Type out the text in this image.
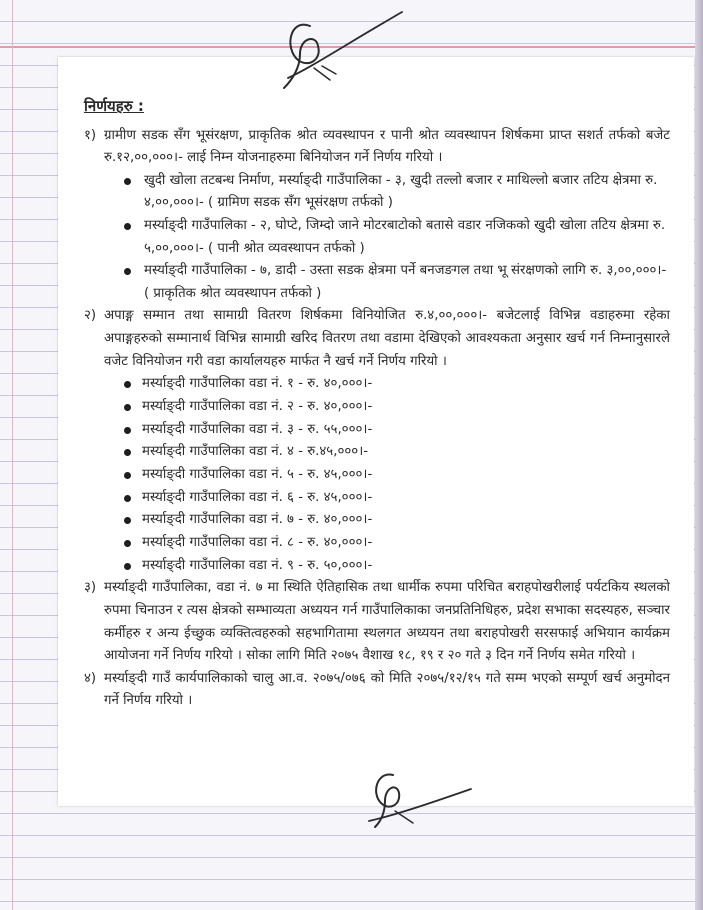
निर्णयहरु :
१) ग्रामीण सडक सँग भूसंरक्षण, प्राकृतिक श्रोत व्यवस्थापन र पानी श्रोत व्यवस्थापन शिर्षकमा प्राप्त सशर्त तर्फको बजेट रु.१२,००,०००।- लाई निम्न योजनाहरुमा बिनियोजन गर्ने निर्णय गरियो ।
खुदी खोला तटबन्ध निर्माण, मर्स्याङ्दी गाउँपालिका - ३, खुदी तल्लो बजार र माथिल्लो बजार तटिय क्षेत्रमा रु. ४,००,०००।- ( ग्रामिण सडक सँग भूसंरक्षण तर्फको )
मर्स्याङ्दी गाउँपालिका - २, घोप्टे, जिम्दो जाने मोटरबाटोको बतासे वडार नजिकको खुदी खोला तटिय क्षेत्रमा रु. ५,००,०००।- ( पानी श्रोत व्यवस्थापन तर्फको )
मर्स्याङ्दी गाउँपालिका - ७, डादी - उस्ता सडक क्षेत्रमा पर्ने बनजङगल तथा भू संरक्षणको लागि रु. ३,००,०००।- ( प्राकृतिक श्रोत व्यवस्थापन तर्फको )
२) अपाङ्ग सम्मान तथा सामाग्री वितरण शिर्षकमा विनियोजित रु.४,००,०००।- बजेटलाई विभिन्न वडाहरुमा रहेका अपाङ्गहरुको सम्मानार्थ विभिन्न सामाग्री खरिद वितरण तथा वडामा देखिएको आवश्यकता अनुसार खर्च गर्न निम्नानुसारले वजेट विनियोजन गरी वडा कार्यालयहरु मार्फत नै खर्च गर्ने निर्णय गरियो ।
मर्स्याङ्दी गाउँपालिका वडा नं. १ - रु. ४०,०००।-
मर्स्याङ्दी गाउँपालिका वडा नं. २ - रु. ४०,०००।-
मर्स्याङ्दी गाउँपालिका वडा नं. ३ - रु. ५५,०००।-
मर्स्याङ्दी गाउँपालिका वडा नं. ४ - रु.४५,०००।-
मर्स्याङ्दी गाउँपालिका वडा नं. ५ - रु. ४५,०००।-
मर्स्याङ्दी गाउँपालिका वडा नं. ६ - रु. ४५,०००।-
मर्स्याङ्दी गाउँपालिका वडा नं. ७ - रु. ४०,०००।-
मर्स्याङ्दी गाउँपालिका वडा नं. ८ - रु. ४०,०००।-
मर्स्याङ्दी गाउँपालिका वडा नं. ९ - रु. ५०,०००।-
३) मर्स्याङ्दी गाउँपालिका, वडा नं. ७ मा स्थिति ऐतिहासिक तथा धार्मीक रुपमा परिचित बराहपोखरीलाई पर्यटकिय स्थलको रुपमा चिनाउन र त्यस क्षेत्रको सम्भाव्यता अध्ययन गर्न गाउँपालिकाका जनप्रतिनिधिहरु, प्रदेश सभाका सदस्यहरु, सञ्चार कर्मीहरु र अन्य ईच्छुक व्यक्तित्वहरुको सहभागितामा स्थलगत अध्ययन तथा बराहपोखरी सरसफाई अभियान कार्यक्रम आयोजना गर्ने निर्णय गरियो । सोका लागि मिति २०७५ वैशाख १८, १९ र २० गते ३ दिन गर्ने निर्णय समेत गरियो ।
४) मर्स्याङ्दी गाउँ कार्यपालिकाको चालु आ.व. २०७५/०७६ को मिति २०७५/१२/१५ गते सम्म भएको सम्पूर्ण खर्च अनुमोदन गर्ने निर्णय गरियो ।
